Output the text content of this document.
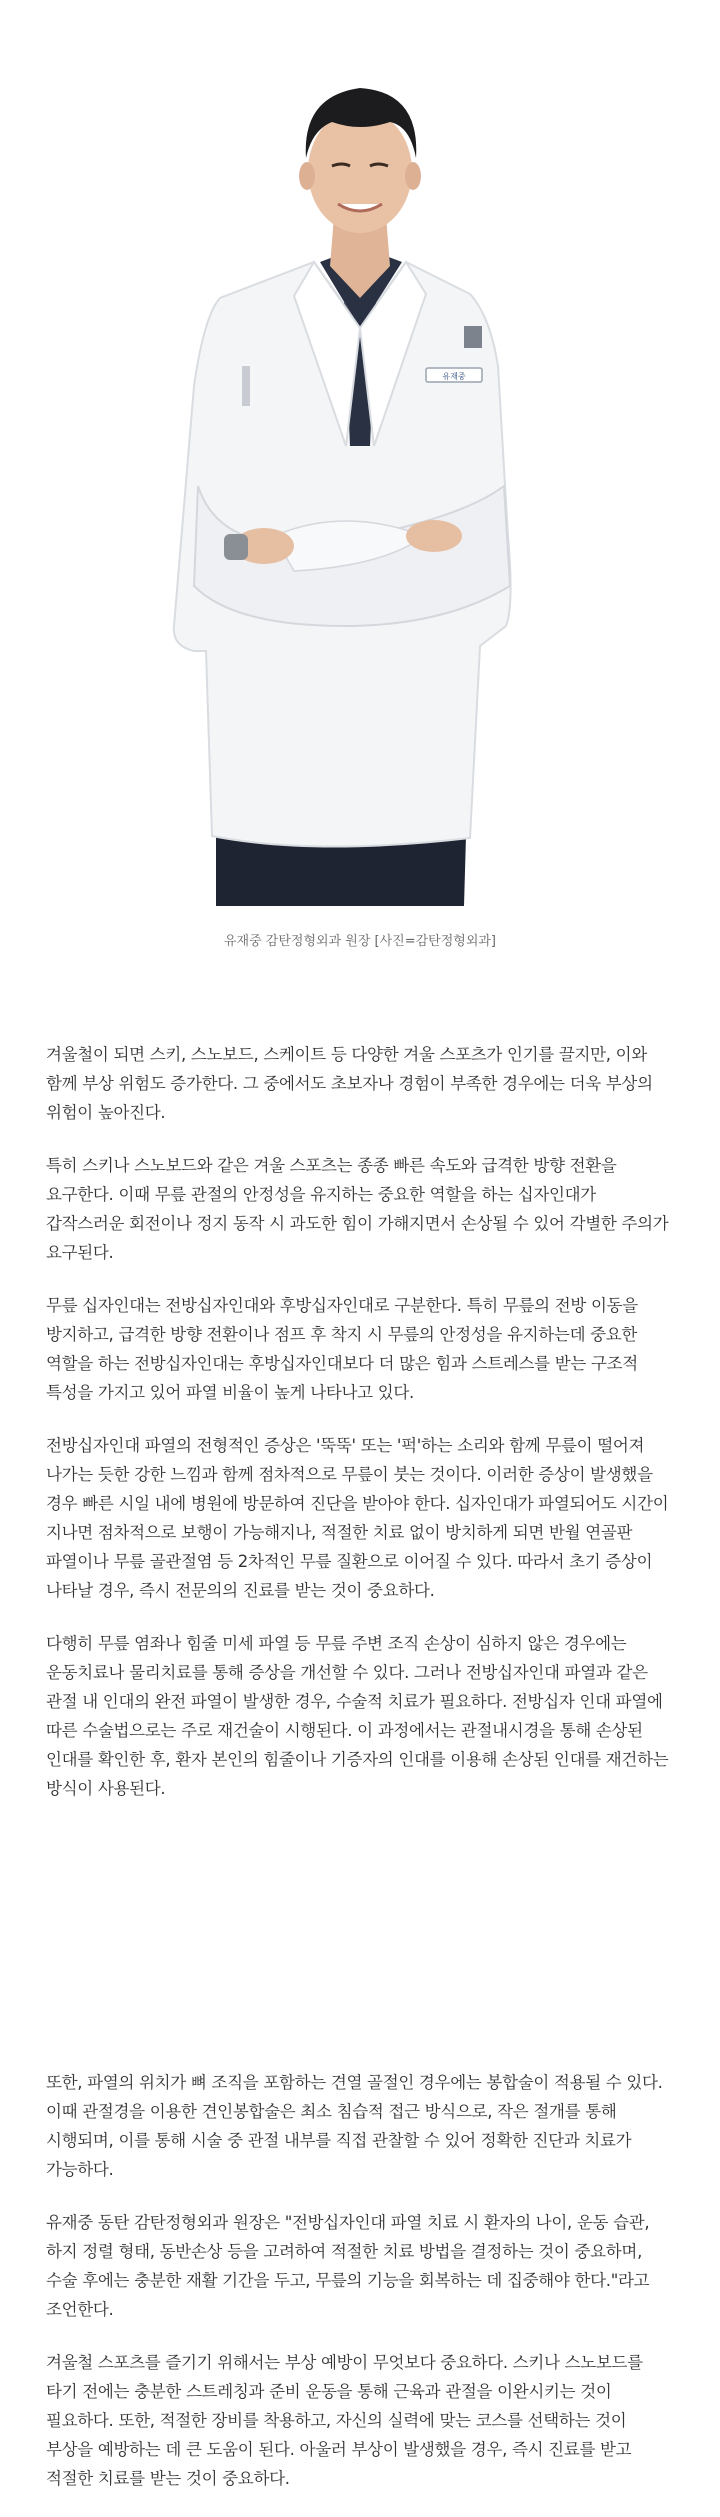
유재중
유재중 감탄정형외과 원장 [사진=감탄정형외과]

겨울철이 되면 스키, 스노보드, 스케이트 등 다양한 겨울 스포츠가 인기를 끌지만, 이와 함께 부상 위험도 증가한다. 그 중에서도 초보자나 경험이 부족한 경우에는 더욱 부상의 위험이 높아진다.

특히 스키나 스노보드와 같은 겨울 스포츠는 종종 빠른 속도와 급격한 방향 전환을 요구한다. 이때 무릎 관절의 안정성을 유지하는 중요한 역할을 하는 십자인대가 갑작스러운 회전이나 정지 동작 시 과도한 힘이 가해지면서 손상될 수 있어 각별한 주의가 요구된다.

무릎 십자인대는 전방십자인대와 후방십자인대로 구분한다. 특히 무릎의 전방 이동을 방지하고, 급격한 방향 전환이나 점프 후 착지 시 무릎의 안정성을 유지하는데 중요한 역할을 하는 전방십자인대는 후방십자인대보다 더 많은 힘과 스트레스를 받는 구조적 특성을 가지고 있어 파열 비율이 높게 나타나고 있다.

전방십자인대 파열의 전형적인 증상은 '뚝뚝' 또는 '퍽'하는 소리와 함께 무릎이 떨어져 나가는 듯한 강한 느낌과 함께 점차적으로 무릎이 붓는 것이다. 이러한 증상이 발생했을 경우 빠른 시일 내에 병원에 방문하여 진단을 받아야 한다. 십자인대가 파열되어도 시간이 지나면 점차적으로 보행이 가능해지나, 적절한 치료 없이 방치하게 되면 반월 연골판 파열이나 무릎 골관절염 등 2차적인 무릎 질환으로 이어질 수 있다. 따라서 초기 증상이 나타날 경우, 즉시 전문의의 진료를 받는 것이 중요하다.

다행히 무릎 염좌나 힘줄 미세 파열 등 무릎 주변 조직 손상이 심하지 않은 경우에는 운동치료나 물리치료를 통해 증상을 개선할 수 있다. 그러나 전방십자인대 파열과 같은 관절 내 인대의 완전 파열이 발생한 경우, 수술적 치료가 필요하다. 전방십자 인대 파열에 따른 수술법으로는 주로 재건술이 시행된다. 이 과정에서는 관절내시경을 통해 손상된 인대를 확인한 후, 환자 본인의 힘줄이나 기증자의 인대를 이용해 손상된 인대를 재건하는 방식이 사용된다.

또한, 파열의 위치가 뼈 조직을 포함하는 견열 골절인 경우에는 봉합술이 적용될 수 있다. 이때 관절경을 이용한 견인봉합술은 최소 침습적 접근 방식으로, 작은 절개를 통해 시행되며, 이를 통해 시술 중 관절 내부를 직접 관찰할 수 있어 정확한 진단과 치료가 가능하다.

유재중 동탄 감탄정형외과 원장은 "전방십자인대 파열 치료 시 환자의 나이, 운동 습관, 하지 정렬 형태, 동반손상 등을 고려하여 적절한 치료 방법을 결정하는 것이 중요하며, 수술 후에는 충분한 재활 기간을 두고, 무릎의 기능을 회복하는 데 집중해야 한다."라고 조언한다.

겨울철 스포츠를 즐기기 위해서는 부상 예방이 무엇보다 중요하다. 스키나 스노보드를 타기 전에는 충분한 스트레칭과 준비 운동을 통해 근육과 관절을 이완시키는 것이 필요하다. 또한, 적절한 장비를 착용하고, 자신의 실력에 맞는 코스를 선택하는 것이 부상을 예방하는 데 큰 도움이 된다. 아울러 부상이 발생했을 경우, 즉시 진료를 받고 적절한 치료를 받는 것이 중요하다.
